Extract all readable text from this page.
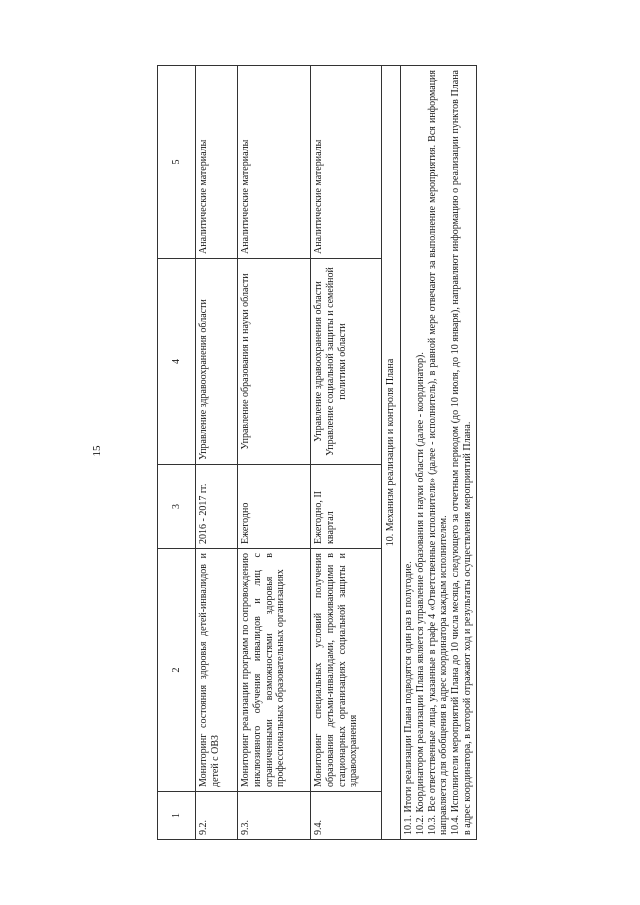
15
1	2	3	4	5
9.2.	Мониторинг состояния здоровья детей-инвалидов и детей с ОВЗ	2016 - 2017 гг.	Управление здравоохранения области	Аналитические материалы
9.3.	Мониторинг реализации программ по сопровождению инклюзивного обучения инвалидов и лиц с ограниченными возможностями здоровья в профессиональных образовательных организациях	Ежегодно	Управление образования и науки области	Аналитические материалы
9.4.	Мониторинг специальных условий получения образования детьми-инвалидами, проживающими в стационарных организациях социальной защиты и здравоохранения	Ежегодно, II квартал	Управление здравоохранения области Управление социальной защиты и семейной политики области	Аналитические материалы
10. Механизм реализации и контроля Плана				

10.1. Итоги реализации Плана подводятся один раз в полугодие. 10.2. Координатором реализации Плана является управление образования и науки области (далее - координатор). 10.3. Все ответственные лица, указанные в графе 4 «Ответственные исполнители» (далее - исполнитель), в равной мере отвечают за выполнение мероприятия. Вся информация направляется для обобщения в адрес координатора каждым исполнителем. 10.4. Исполнители мероприятий Плана до 10 числа месяца, следующего за отчетным периодом (до 10 июля, до 10 января), направляют информацию о реализации пунктов Плана в адрес координатора, в которой отражают ход и результаты осуществления мероприятий Плана.				
